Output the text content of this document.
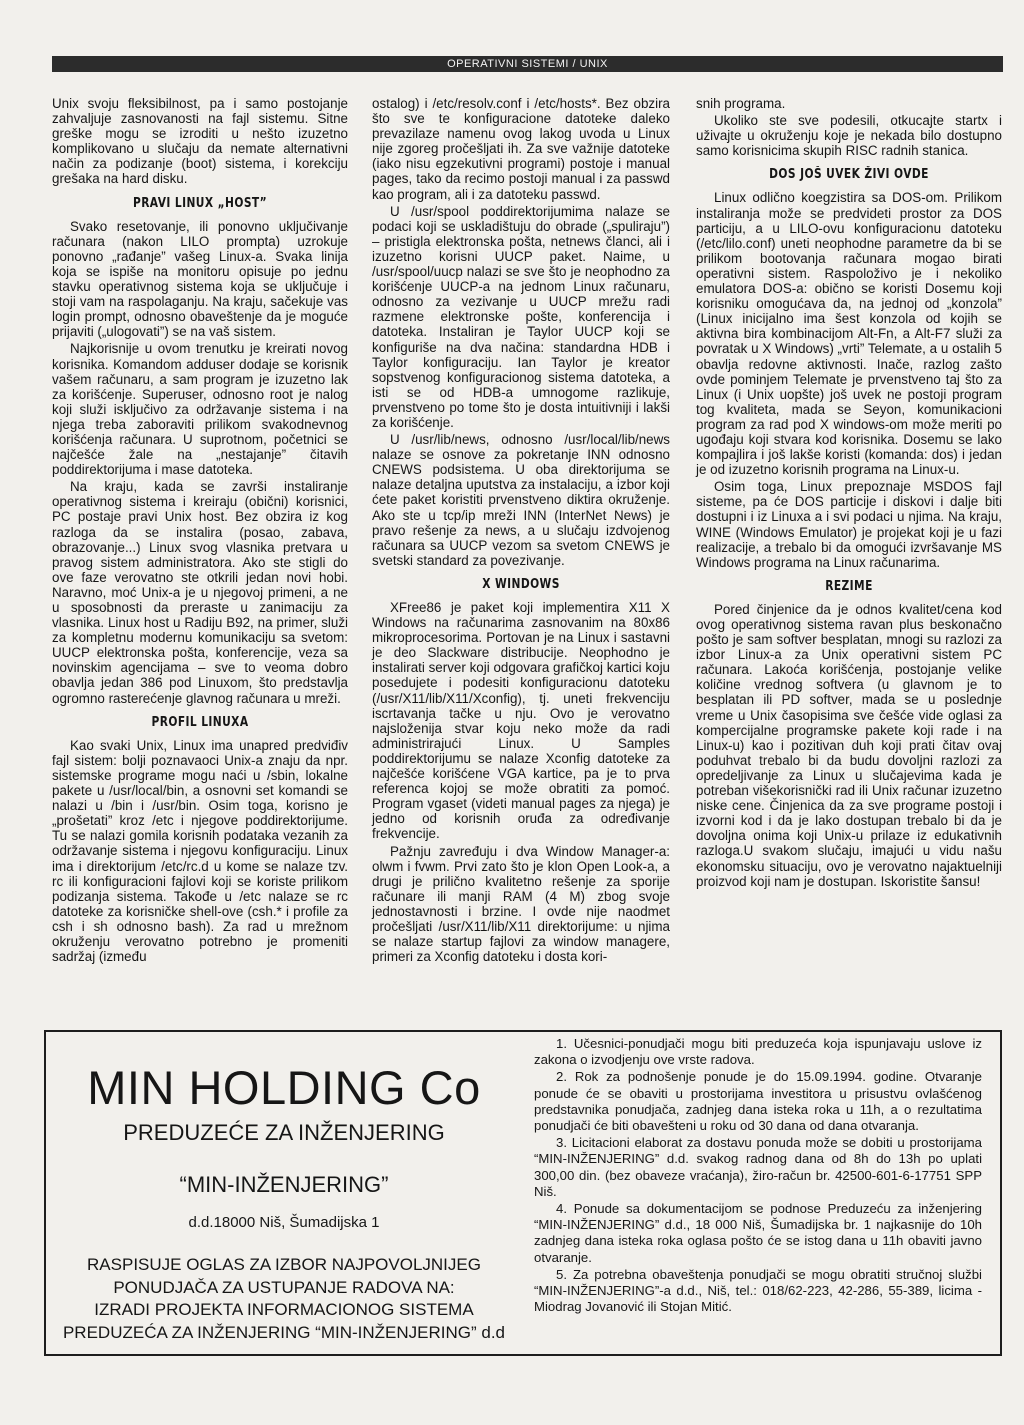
OPERATIVNI SISTEMI / UNIX

Unix svoju fleksibilnost, pa i samo postojanje zahvaljuje zasnovanosti na fajl sistemu. Sitne greške mogu se izroditi u nešto izuzetno komplikovano u slučaju da nemate alternativni način za podizanje (boot) sistema, i korekciju grešaka na hard disku.

PRAVI LINUX „HOST”

Svako resetovanje, ili ponovno uključivanje računara (nakon LILO prompta) uzrokuje ponovno „rađanje” vašeg Linux-a. Svaka linija koja se ispiše na monitoru opisuje po jednu stavku operativnog sistema koja se uključuje i stoji vam na raspolaganju. Na kraju, sačekuje vas login prompt, odnosno obaveštenje da je moguće prijaviti („ulogovati”) se na vaš sistem.

Najkorisnije u ovom trenutku je kreirati novog korisnika. Komandom adduser dodaje se korisnik vašem računaru, a sam program je izuzetno lak za korišćenje. Superuser, odnosno root je nalog koji služi isključivo za održavanje sistema i na njega treba zaboraviti prilikom svakodnevnog korišćenja računara. U suprotnom, početnici se najčešće žale na „nestajanje” čitavih poddirektorijuma i mase datoteka.

Na kraju, kada se završi instaliranje operativnog sistema i kreiraju (obični) korisnici, PC postaje pravi Unix host. Bez obzira iz kog razloga da se instalira (posao, zabava, obrazovanje...) Linux svog vlasnika pretvara u pravog sistem administratora. Ako ste stigli do ove faze verovatno ste otkrili jedan novi hobi. Naravno, moć Unix-a je u njegovoj primeni, a ne u sposobnosti da preraste u zanimaciju za vlasnika. Linux host u Radiju B92, na primer, služi za kompletnu modernu komunikaciju sa svetom: UUCP elektronska pošta, konferencije, veza sa novinskim agencijama – sve to veoma dobro obavlja jedan 386 pod Linuxom, što predstavlja ogromno rasterećenje glavnog računara u mreži.

PROFIL LINUXA

Kao svaki Unix, Linux ima unapred predviđiv fajl sistem: bolji poznavaoci Unix-a znaju da npr. sistemske programe mogu naći u /sbin, lokalne pakete u /usr/local/bin, a osnovni set komandi se nalazi u /bin i /usr/bin. Osim toga, korisno je „prošetati” kroz /etc i njegove poddirektorijume. Tu se nalazi gomila korisnih podataka vezanih za održavanje sistema i njegovu konfiguraciju. Linux ima i direktorijum /etc/rc.d u kome se nalaze tzv. rc ili konfiguracioni fajlovi koji se koriste prilikom podizanja sistema. Takođe u /etc nalaze se rc datoteke za korisničke shell-ove (csh.* i profile za csh i sh odnosno bash). Za rad u mrežnom okruženju verovatno potrebno je promeniti sadržaj (između

ostalog) i /etc/resolv.conf i /etc/hosts*. Bez obzira što sve te konfiguracione datoteke daleko prevazilaze namenu ovog lakog uvoda u Linux nije zgoreg pročešljati ih. Za sve važnije datoteke (iako nisu egzekutivni programi) postoje i manual pages, tako da recimo postoji manual i za passwd kao program, ali i za datoteku passwd.

U /usr/spool poddirektorijumima nalaze se podaci koji se uskladištuju do obrade („spuliraju”) – pristigla elektronska pošta, netnews članci, ali i izuzetno korisni UUCP paket. Naime, u /usr/spool/uucp nalazi se sve što je neophodno za korišćenje UUCP-a na jednom Linux računaru, odnosno za vezivanje u UUCP mrežu radi razmene elektronske pošte, konferencija i datoteka. Instaliran je Taylor UUCP koji se konfiguriše na dva načina: standardna HDB i Taylor konfiguraciju. Ian Taylor je kreator sopstvenog konfiguracionog sistema datoteka, a isti se od HDB-a umnogome razlikuje, prvenstveno po tome što je dosta intuitivniji i lakši za korišćenje.

U /usr/lib/news, odnosno /usr/local/lib/news nalaze se osnove za pokretanje INN odnosno CNEWS podsistema. U oba direktorijuma se nalaze detaljna uputstva za instalaciju, a izbor koji ćete paket koristiti prvenstveno diktira okruženje. Ako ste u tcp/ip mreži INN (InterNet News) je pravo rešenje za news, a u slučaju izdvojenog računara sa UUCP vezom sa svetom CNEWS je svetski standard za povezivanje.

X WINDOWS

XFree86 je paket koji implementira X11 X Windows na računarima zasnovanim na 80x86 mikroprocesorima. Portovan je na Linux i sastavni je deo Slackware distribucije. Neophodno je instalirati server koji odgovara grafičkoj kartici koju posedujete i podesiti konfiguracionu datoteku (/usr/X11/lib/X11/Xconfig), tj. uneti frekvenciju iscrtavanja tačke u nju. Ovo je verovatno najsloženija stvar koju neko može da radi administrirajući Linux. U Samples poddirektorijumu se nalaze Xconfig datoteke za najčešće korišćene VGA kartice, pa je to prva referenca kojoj se može obratiti za pomoć. Program vgaset (videti manual pages za njega) je jedno od korisnih oruđa za određivanje frekvencije.

Pažnju zavređuju i dva Window Manager-a: olwm i fvwm. Prvi zato što je klon Open Look-a, a drugi je prilično kvalitetno rešenje za sporije računare ili manji RAM (4 M) zbog svoje jednostavnosti i brzine. I ovde nije naodmet pročešljati /usr/X11/lib/X11 direktorijume: u njima se nalaze startup fajlovi za window managere, primeri za Xconfig datoteku i dosta kori-

snih programa.

Ukoliko ste sve podesili, otkucajte startx i uživajte u okruženju koje je nekada bilo dostupno samo korisnicima skupih RISC radnih stanica.

DOS JOŠ UVEK ŽIVI OVDE

Linux odlično koegzistira sa DOS-om. Prilikom instaliranja može se predvideti prostor za DOS particiju, a u LILO-ovu konfiguracionu datoteku (/etc/lilo.conf) uneti neophodne parametre da bi se prilikom bootovanja računara mogao birati operativni sistem. Raspoloživo je i nekoliko emulatora DOS-a: obično se koristi Dosemu koji korisniku omogućava da, na jednoj od „konzola” (Linux inicijalno ima šest konzola od kojih se aktivna bira kombinacijom Alt-Fn, a Alt-F7 služi za povratak u X Windows) „vrti” Telemate, a u ostalih 5 obavlja redovne aktivnosti. Inače, razlog zašto ovde pominjem Telemate je prvenstveno taj što za Linux (i Unix uopšte) još uvek ne postoji program tog kvaliteta, mada se Seyon, komunikacioni program za rad pod X windows-om može meriti po ugođaju koji stvara kod korisnika. Dosemu se lako kompajlira i još lakše koristi (komanda: dos) i jedan je od izuzetno korisnih programa na Linux-u.

Osim toga, Linux prepoznaje MSDOS fajl sisteme, pa će DOS particije i diskovi i dalje biti dostupni i iz Linuxa a i svi podaci u njima. Na kraju, WINE (Windows Emulator) je projekat koji je u fazi realizacije, a trebalo bi da omogući izvršavanje MS Windows programa na Linux računarima.

REZIME

Pored činjenice da je odnos kvalitet/cena kod ovog operativnog sistema ravan plus beskonačno pošto je sam softver besplatan, mnogi su razlozi za izbor Linux-a za Unix operativni sistem PC računara. Lakoća korišćenja, postojanje velike količine vrednog softvera (u glavnom je to besplatan ili PD softver, mada se u poslednje vreme u Unix časopisima sve češće vide oglasi za kompercijalne programske pakete koji rade i na Linux-u) kao i pozitivan duh koji prati čitav ovaj poduhvat trebalo bi da budu dovoljni razlozi za opredeljivanje za Linux u slučajevima kada je potreban višekorisnički rad ili Unix računar izuzetno niske cene. Činjenica da za sve programe postoji i izvorni kod i da je lako dostupan trebalo bi da je dovoljna onima koji Unix-u prilaze iz edukativnih razloga.U svakom slučaju, imajući u vidu našu ekonomsku situaciju, ovo je verovatno najaktuelniji proizvod koji nam je dostupan. Iskoristite šansu!

MIN HOLDING Co
PREDUZEĆE ZA INŽENJERING
“MIN-INŽENJERING”
d.d.18000 Niš, Šumadijska 1
RASPISUJE OGLAS ZA IZBOR NAJPOVOLJNIJEG
PONUDJAČA ZA USTUPANJE RADOVA NA:
IZRADI PROJEKTA INFORMACIONOG SISTEMA
PREDUZEĆA ZA INŽENJERING “MIN-INŽENJERING” d.d

1. Učesnici-ponudjači mogu biti preduzeća koja ispunjavaju uslove iz zakona o izvodjenju ove vrste radova.

2. Rok za podnošenje ponude je do 15.09.1994. godine. Otvaranje ponude će se obaviti u prostorijama investitora u prisustvu ovlašćenog predstavnika ponudjača, zadnjeg dana isteka roka u 11h, a o rezultatima ponudjači će biti obavešteni u roku od 30 dana od dana otvaranja.

3. Licitacioni elaborat za dostavu ponuda može se dobiti u prostorijama “MIN-INŽENJERING” d.d. svakog radnog dana od 8h do 13h po uplati 300,00 din. (bez obaveze vraćanja), žiro-račun br. 42500-601-6-17751 SPP Niš.

4. Ponude sa dokumentacijom se podnose Preduzeću za inženjering “MIN-INŽENJERING” d.d., 18 000 Niš, Šumadijska br. 1 najkasnije do 10h zadnjeg dana isteka roka oglasa pošto će se istog dana u 11h obaviti javno otvaranje.

5. Za potrebna obaveštenja ponudjači se mogu obratiti stručnoj službi “MIN-INŽENJERING”-a d.d., Niš, tel.: 018/62-223, 42-286, 55-389, licima -Miodrag Jovanović ili Stojan Mitić.
